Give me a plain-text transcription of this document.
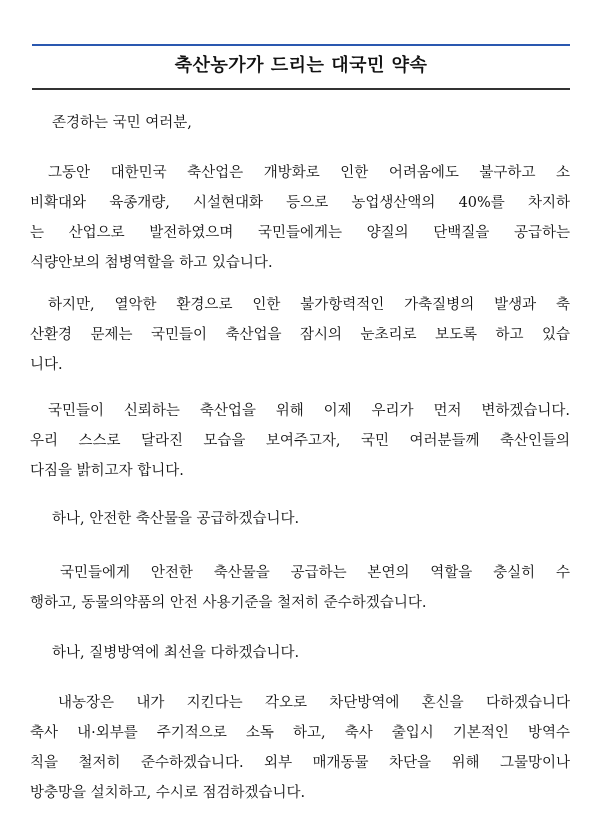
축산농가가 드리는 대국민 약속
존경하는 국민 여러분,
그동안 대한민국 축산업은 개방화로 인한 어려움에도 불구하고 소
비확대와 육종개량, 시설현대화 등으로 농업생산액의 40%를 차지하
는 산업으로 발전하였으며 국민들에게는 양질의 단백질을 공급하는
식량안보의 첨병역할을 하고 있습니다.
하지만, 열악한 환경으로 인한 불가항력적인 가축질병의 발생과 축
산환경 문제는 국민들이 축산업을 잠시의 눈초리로 보도록 하고 있습
니다.
국민들이 신뢰하는 축산업을 위해 이제 우리가 먼저 변하겠습니다.
우리 스스로 달라진 모습을 보여주고자, 국민 여러분들께 축산인들의
다짐을 밝히고자 합니다.
하나, 안전한 축산물을 공급하겠습니다.
국민들에게 안전한 축산물을 공급하는 본연의 역할을 충실히 수
행하고, 동물의약품의 안전 사용기준을 철저히 준수하겠습니다.
하나, 질병방역에 최선을 다하겠습니다.
내농장은 내가 지킨다는 각오로 차단방역에 혼신을 다하겠습니다
축사 내·외부를 주기적으로 소독 하고, 축사 출입시 기본적인 방역수
칙을 철저히 준수하겠습니다. 외부 매개동물 차단을 위해 그물망이나
방충망을 설치하고, 수시로 점검하겠습니다.
